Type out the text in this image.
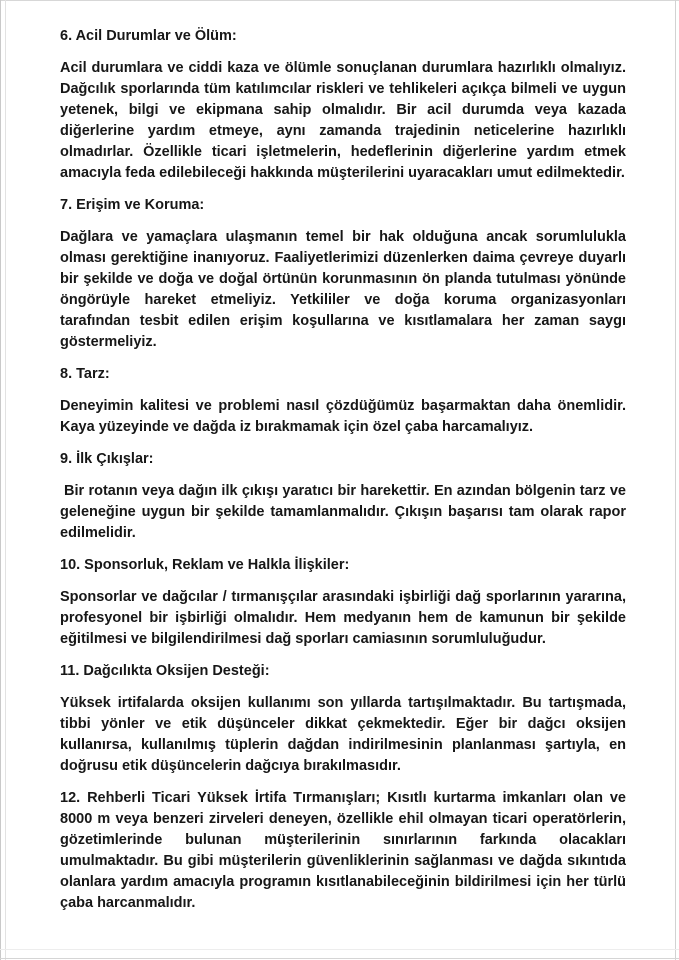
6. Acil Durumlar ve Ölüm:

Acil durumlara ve ciddi kaza ve ölümle sonuçlanan durumlara hazırlıklı olmalıyız. Dağcılık sporlarında tüm katılımcılar riskleri ve tehlikeleri açıkça bilmeli ve uygun yetenek, bilgi ve ekipmana sahip olmalıdır. Bir acil durumda veya kazada diğerlerine yardım etmeye, aynı zamanda trajedinin neticelerine hazırlıklı olmadırlar. Özellikle ticari işletmelerin, hedeflerinin diğerlerine yardım etmek amacıyla feda edilebileceği hakkında müşterilerini uyaracakları umut edilmektedir.

7. Erişim ve Koruma:

Dağlara ve yamaçlara ulaşmanın temel bir hak olduğuna ancak sorumlulukla olması gerektiğine inanıyoruz. Faaliyetlerimizi düzenlerken daima çevreye duyarlı bir şekilde ve doğa ve doğal örtünün korunmasının ön planda tutulması yönünde öngörüyle hareket etmeliyiz. Yetkililer ve doğa koruma organizasyonları tarafından tesbit edilen erişim koşullarına ve kısıtlamalara her zaman saygı göstermeliyiz.

8. Tarz:

Deneyimin kalitesi ve problemi nasıl çözdüğümüz başarmaktan daha önemlidir. Kaya yüzeyinde ve dağda iz bırakmamak için özel çaba harcamalıyız.

9. İlk Çıkışlar:

Bir rotanın veya dağın ilk çıkışı yaratıcı bir harekettir. En azından bölgenin tarz ve geleneğine uygun bir şekilde tamamlanmalıdır. Çıkışın başarısı tam olarak rapor edilmelidir.

10. Sponsorluk, Reklam ve Halkla İlişkiler:

Sponsorlar ve dağcılar / tırmanışçılar arasındaki işbirliği dağ sporlarının yararına, profesyonel bir işbirliği olmalıdır. Hem medyanın hem de kamunun bir şekilde eğitilmesi ve bilgilendirilmesi dağ sporları camiasının sorumluluğudur.

11. Dağcılıkta Oksijen Desteği:

Yüksek irtifalarda oksijen kullanımı son yıllarda tartışılmaktadır. Bu tartışmada, tibbi yönler ve etik düşünceler dikkat çekmektedir. Eğer bir dağcı oksijen kullanırsa, kullanılmış tüplerin dağdan indirilmesinin planlanması şartıyla, en doğrusu etik düşüncelerin dağcıya bırakılmasıdır.

12. Rehberli Ticari Yüksek İrtifa Tırmanışları; Kısıtlı kurtarma imkanları olan ve 8000 m veya benzeri zirveleri deneyen, özellikle ehil olmayan ticari operatörlerin, gözetimlerinde bulunan müşterilerinin sınırlarının farkında olacakları umulmaktadır. Bu gibi müşterilerin güvenliklerinin sağlanması ve dağda sıkıntıda olanlara yardım amacıyla programın kısıtlanabileceğinin bildirilmesi için her türlü çaba harcanmalıdır.
